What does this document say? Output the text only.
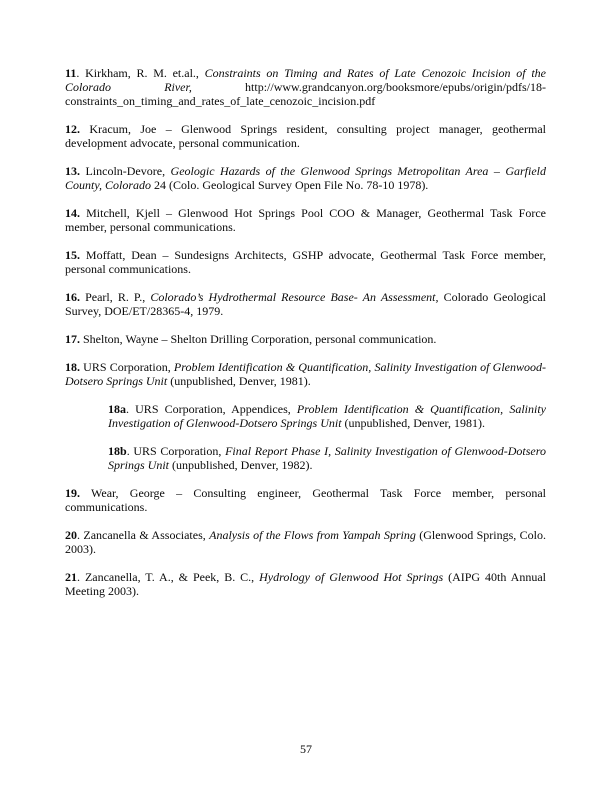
11. Kirkham, R. M. et.al., Constraints on Timing and Rates of Late Cenozoic Incision of the Colorado River, http://www.grandcanyon.org/booksmore/epubs/origin/pdfs/18-constraints_on_timing_and_rates_of_late_cenozoic_incision.pdf

12. Kracum, Joe – Glenwood Springs resident, consulting project manager, geothermal development advocate, personal communication.

13. Lincoln-Devore, Geologic Hazards of the Glenwood Springs Metropolitan Area – Garfield County, Colorado 24 (Colo. Geological Survey Open File No. 78-10 1978).

14. Mitchell, Kjell – Glenwood Hot Springs Pool COO & Manager, Geothermal Task Force member, personal communications.

15. Moffatt, Dean – Sundesigns Architects, GSHP advocate, Geothermal Task Force member, personal communications.

16. Pearl, R. P., Colorado’s Hydrothermal Resource Base- An Assessment, Colorado Geological Survey, DOE/ET/28365-4, 1979.

17. Shelton, Wayne – Shelton Drilling Corporation, personal communication.

18. URS Corporation, Problem Identification & Quantification, Salinity Investigation of Glenwood-Dotsero Springs Unit (unpublished, Denver, 1981).

18a. URS Corporation, Appendices, Problem Identification & Quantification, Salinity Investigation of Glenwood-Dotsero Springs Unit (unpublished, Denver, 1981).

18b. URS Corporation, Final Report Phase I, Salinity Investigation of Glenwood-Dotsero Springs Unit (unpublished, Denver, 1982).

19. Wear, George – Consulting engineer, Geothermal Task Force member, personal communications.

20. Zancanella & Associates, Analysis of the Flows from Yampah Spring (Glenwood Springs, Colo. 2003).

21. Zancanella, T. A., & Peek, B. C., Hydrology of Glenwood Hot Springs (AIPG 40th Annual Meeting 2003).

57
